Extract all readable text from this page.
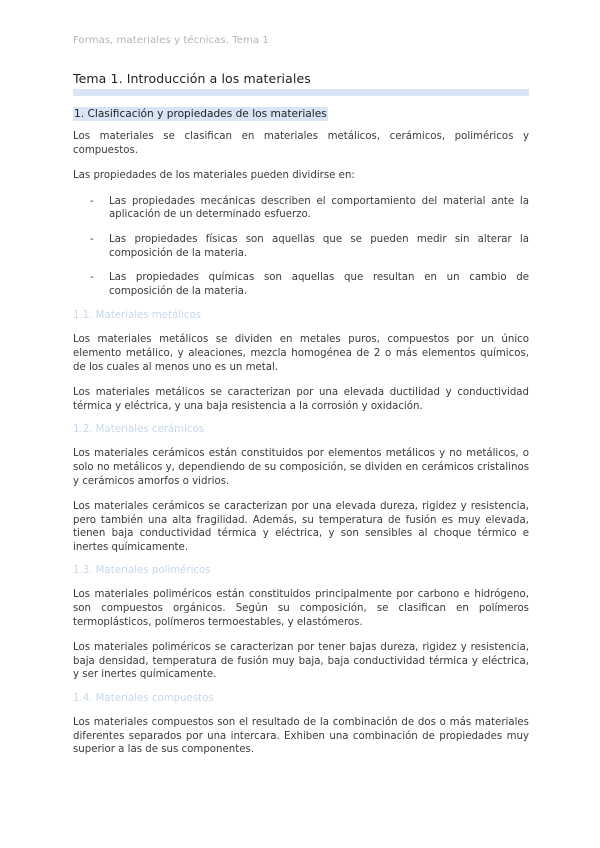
Formas, materiales y técnicas. Tema 1
Tema 1. Introducción a los materiales
1. Clasificación y propiedades de los materiales

Los materiales se clasifican en materiales metálicos, cerámicos, poliméricos y compuestos.

Las propiedades de los materiales pueden dividirse en:

- Las propiedades mecánicas describen el comportamiento del material ante la aplicación de un determinado esfuerzo.
- Las propiedades físicas son aquellas que se pueden medir sin alterar la composición de la materia.
- Las propiedades químicas son aquellas que resultan en un cambio de composición de la materia.
1.1. Materiales metálicos

Los materiales metálicos se dividen en metales puros, compuestos por un único elemento metálico, y aleaciones, mezcla homogénea de 2 o más elementos químicos, de los cuales al menos uno es un metal.

Los materiales metálicos se caracterizan por una elevada ductilidad y conductividad térmica y eléctrica, y una baja resistencia a la corrosión y oxidación.

1.2. Materiales cerámicos

Los materiales cerámicos están constituidos por elementos metálicos y no metálicos, o solo no metálicos y, dependiendo de su composición, se dividen en cerámicos cristalinos y cerámicos amorfos o vidrios.

Los materiales cerámicos se caracterizan por una elevada dureza, rigidez y resistencia, pero también una alta fragilidad. Además, su temperatura de fusión es muy elevada, tienen baja conductividad térmica y eléctrica, y son sensibles al choque térmico e inertes químicamente.

1.3. Materiales poliméricos

Los materiales poliméricos están constituidos principalmente por carbono e hidrógeno, son compuestos orgánicos. Según su composición, se clasifican en polímeros termoplásticos, polímeros termoestables, y elastómeros.

Los materiales poliméricos se caracterizan por tener bajas dureza, rigidez y resistencia, baja densidad, temperatura de fusión muy baja, baja conductividad térmica y eléctrica, y ser inertes químicamente.

1.4. Materiales compuestos

Los materiales compuestos son el resultado de la combinación de dos o más materiales diferentes separados por una intercara. Exhiben una combinación de propiedades muy superior a las de sus componentes.
